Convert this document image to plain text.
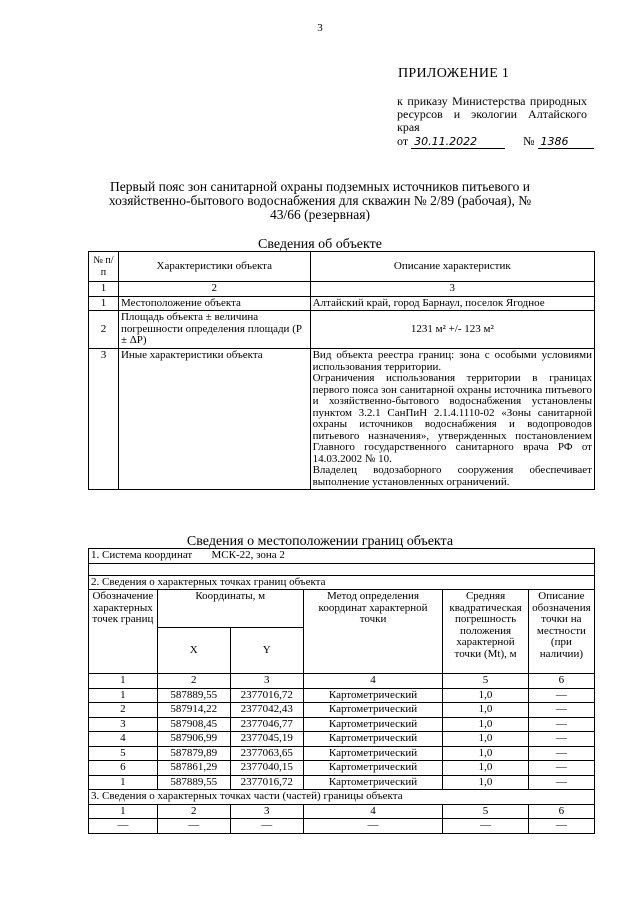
3
ПРИЛОЖЕНИЕ 1
к приказу Министерства природных ресурсов и экологии Алтайского края
от 30.11.2022	№ 1386
Первый пояс зон санитарной охраны подземных источников питьевого и хозяйственно-бытового водоснабжения для скважин № 2/89 (рабочая), № 43/66 (резервная)
Сведения об объекте
№ п/п	Характеристики объекта	Описание характеристик
1	2	3
1	Местоположение объекта	Алтайский край, город Барнаул, поселок Ягодное
2	Площадь объекта ± величина погрешности определения площади (P ± ΔP)	1231 м² +/- 123 м²
3	Иные характеристики объекта	Вид объекта реестра границ: зона с особыми условиями использования территории.
Ограничения использования территории в границах первого пояса зон санитарной охраны источника питьевого и хозяйственно-бытового водоснабжения установлены пунктом 3.2.1 СанПиН 2.1.4.1110-02 «Зоны санитарной охраны источников водоснабжения и водопроводов питьевого назначения», утвержденных постановлением Главного государственного санитарного врача РФ от 14.03.2002 № 10.
Владелец водозаборного сооружения обеспечивает выполнение установленных ограничений.
Сведения о местоположении границ объекта
1. Система координат МСК-22, зона 2					

2. Сведения о характерных точках границ объекта					
Обозначение характерных точек границ	Координаты, м		Метод определения координат характерной точки	Средняя квадратическая погрешность положения характерной точки (Mt), м	Описание обозначения точки на местности (при наличии)
	X	Y			
1	2	3	4	5	6
1	587889,55	2377016,72	Картометрический	1,0	—
2	587914,22	2377042,43	Картометрический	1,0	—
3	587908,45	2377046,77	Картометрический	1,0	—
4	587906,99	2377045,19	Картометрический	1,0	—
5	587879,89	2377063,65	Картометрический	1,0	—
6	587861,29	2377040,15	Картометрический	1,0	—
1	587889,55	2377016,72	Картометрический	1,0	—
3. Сведения о характерных точках части (частей) границы объекта					
1	2	3	4	5	6
—	—	—	—	—	—
